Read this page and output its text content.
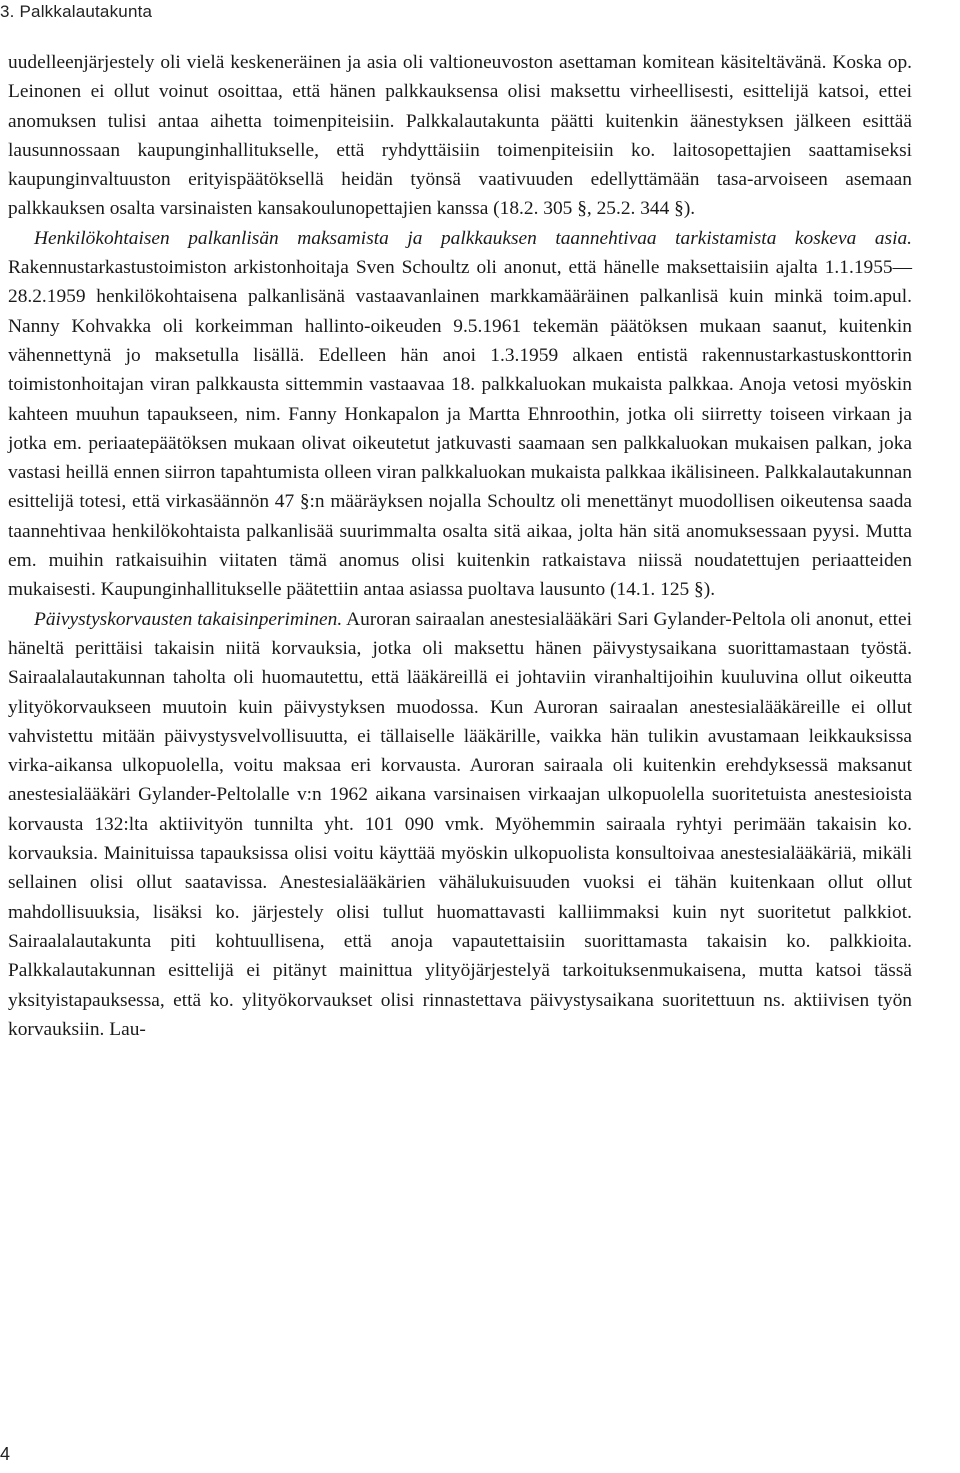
3. Palkkalautakunta

uudelleenjärjestely oli vielä keskeneräinen ja asia oli valtioneuvoston asettaman komitean käsiteltävänä. Koska op. Leinonen ei ollut voinut osoittaa, että hänen palkkauksensa olisi maksettu virheellisesti, esittelijä katsoi, ettei anomuksen tulisi antaa aihetta toimenpiteisiin. Palkkalautakunta päätti kuitenkin äänestyksen jälkeen esittää lausunnossaan kaupunginhallitukselle, että ryhdyttäisiin toimenpiteisiin ko. laitosopettajien saattamiseksi kaupunginvaltuuston erityispäätöksellä heidän työnsä vaativuuden edellyttämään tasa-arvoiseen asemaan palkkauksen osalta varsinaisten kansakoulunopettajien kanssa (18.2. 305 §, 25.2. 344 §).

Henkilökohtaisen palkanlisän maksamista ja palkkauksen taannehtivaa tarkistamista koskeva asia. Rakennustarkastustoimiston arkistonhoitaja Sven Schoultz oli anonut, että hänelle maksettaisiin ajalta 1.1.1955—28.2.1959 henkilökohtaisena palkanlisänä vastaavanlainen markkamääräinen palkanlisä kuin minkä toim.apul. Nanny Kohvakka oli korkeimman hallinto-oikeuden 9.5.1961 tekemän päätöksen mukaan saanut, kuitenkin vähennettynä jo maksetulla lisällä. Edelleen hän anoi 1.3.1959 alkaen entistä rakennustarkastuskonttorin toimistonhoitajan viran palkkausta sittemmin vastaavaa 18. palkkaluokan mukaista palkkaa. Anoja vetosi myöskin kahteen muuhun tapaukseen, nim. Fanny Honkapalon ja Martta Ehnroothin, jotka oli siirretty toiseen virkaan ja jotka em. periaatepäätöksen mukaan olivat oikeutetut jatkuvasti saamaan sen palkkaluokan mukaisen palkan, joka vastasi heillä ennen siirron tapahtumista olleen viran palkkaluokan mukaista palkkaa ikälisineen. Palkkalautakunnan esittelijä totesi, että virkasäännön 47 §:n määräyksen nojalla Schoultz oli menettänyt muodollisen oikeutensa saada taannehtivaa henkilökohtaista palkanlisää suurimmalta osalta sitä aikaa, jolta hän sitä anomuksessaan pyysi. Mutta em. muihin ratkaisuihin viitaten tämä anomus olisi kuitenkin ratkaistava niissä noudatettujen periaatteiden mukaisesti. Kaupunginhallitukselle päätettiin antaa asiassa puoltava lausunto (14.1. 125 §).

Päivystyskorvausten takaisinperiminen. Auroran sairaalan anestesialääkäri Sari Gylander-Peltola oli anonut, ettei häneltä perittäisi takaisin niitä korvauksia, jotka oli maksettu hänen päivystysaikana suorittamastaan työstä. Sairaalalautakunnan taholta oli huomautettu, että lääkäreillä ei johtaviin viranhaltijoihin kuuluvina ollut oikeutta ylityökorvaukseen muutoin kuin päivystyksen muodossa. Kun Auroran sairaalan anestesialääkäreille ei ollut vahvistettu mitään päivystysvelvollisuutta, ei tällaiselle lääkärille, vaikka hän tulikin avustamaan leikkauksissa virka-aikansa ulkopuolella, voitu maksaa eri korvausta. Auroran sairaala oli kuitenkin erehdyksessä maksanut anestesialääkäri Gylander-Peltolalle v:n 1962 aikana varsinaisen virkaajan ulkopuolella suoritetuista anestesioista korvausta 132:lta aktiivityön tunnilta yht. 101 090 vmk. Myöhemmin sairaala ryhtyi perimään takaisin ko. korvauksia. Mainituissa tapauksissa olisi voitu käyttää myöskin ulkopuolista konsultoivaa anestesialääkäriä, mikäli sellainen olisi ollut saatavissa. Anestesialääkärien vähälukuisuuden vuoksi ei tähän kuitenkaan ollut ollut mahdollisuuksia, lisäksi ko. järjestely olisi tullut huomattavasti kalliimmaksi kuin nyt suoritetut palkkiot. Sairaalalautakunta piti kohtuullisena, että anoja vapautettaisiin suorittamasta takaisin ko. palkkioita. Palkkalautakunnan esittelijä ei pitänyt mainittua ylityöjärjestelyä tarkoituksenmukaisena, mutta katsoi tässä yksityistapauksessa, että ko. ylityökorvaukset olisi rinnastettava päivystysaikana suoritettuun ns. aktiivisen työn korvauksiin. Lau-

4
